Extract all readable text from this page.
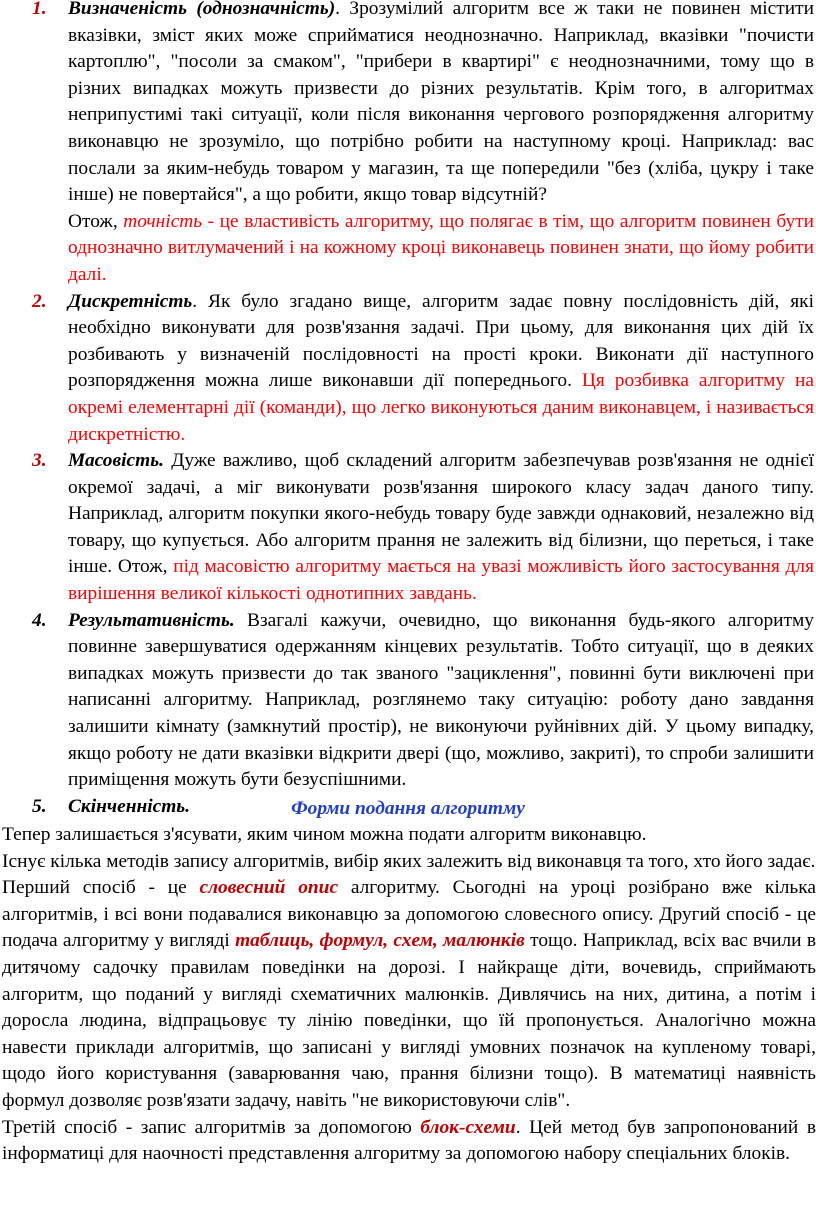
1. Визначеність (однозначність). Зрозумілий алгоритм все ж таки не повинен містити вказівки, зміст яких може сприйматися неоднозначно. Наприклад, вказівки "почисти картоплю", "посоли за смаком", "прибери в квартирі" є неоднозначними, тому що в різних випадках можуть призвести до різних результатів. Крім того, в алгоритмах неприпустимі такі ситуації, коли після виконання чергового розпорядження алгоритму виконавцю не зрозуміло, що потрібно робити на наступному кроці. Наприклад: вас послали за яким-небудь товаром у магазин, та ще попередили "без (хліба, цукру і таке інше) не повертайся", а що робити, якщо товар відсутній?

Отож, точність - це властивість алгоритму, що полягає в тім, що алгоритм повинен бути однозначно витлумачений і на кожному кроці виконавець повинен знати, що йому робити далі.

2. Дискретність. Як було згадано вище, алгоритм задає повну послідовність дій, які необхідно виконувати для розв'язання задачі. При цьому, для виконання цих дій їх розбивають у визначеній послідовності на прості кроки. Виконати дії наступного розпорядження можна лише виконавши дії попереднього. Ця розбивка алгоритму на окремі елементарні дії (команди), що легко виконуються даним виконавцем, і називається дискретністю.

3. Масовість. Дуже важливо, щоб складений алгоритм забезпечував розв'язання не однієї окремої задачі, а міг виконувати розв'язання широкого класу задач даного типу. Наприклад, алгоритм покупки якого-небудь товару буде завжди однаковий, незалежно від товару, що купується. Або алгоритм прання не залежить від білизни, що переться, і таке інше. Отож, під масовістю алгоритму мається на увазі можливість його застосування для вирішення великої кількості однотипних завдань.

4. Результативність. Взагалі кажучи, очевидно, що виконання будь-якого алгоритму повинне завершуватися одержанням кінцевих результатів. Тобто ситуації, що в деяких випадках можуть призвести до так званого "зациклення", повинні бути виключені при написанні алгоритму. Наприклад, розглянемо таку ситуацію: роботу дано завдання залишити кімнату (замкнутий простір), не виконуючи руйнівних дій. У цьому випадку, якщо роботу не дати вказівки відкрити двері (що, можливо, закриті), то спроби залишити приміщення можуть бути безуспішними.

5. Скінченність.	Форми подання алгоритму

Тепер залишається з'ясувати, яким чином можна подати алгоритм виконавцю.

Існує кілька методів запису алгоритмів, вибір яких залежить від виконавця та того, хто його задає.

Перший спосіб - це словесний опис алгоритму. Сьогодні на уроці розібрано вже кілька алгоритмів, і всі вони подавалися виконавцю за допомогою словесного опису. Другий спосіб - це подача алгоритму у вигляді таблиць, формул, схем, малюнків тощо. Наприклад, всіх вас вчили в дитячому садочку правилам поведінки на дорозі. І найкраще діти, вочевидь, сприймають алгоритм, що поданий у вигляді схематичних малюнків. Дивлячись на них, дитина, а потім і доросла людина, відпрацьовує ту лінію поведінки, що їй пропонується. Аналогічно можна навести приклади алгоритмів, що записані у вигляді умовних позначок на купленому товарі, щодо його користування (заварювання чаю, прання білизни тощо). В математиці наявність формул дозволяє розв'язати задачу, навіть "не використовуючи слів".

Третій спосіб - запис алгоритмів за допомогою блок-схеми. Цей метод був запропонований в інформатиці для наочності представлення алгоритму за допомогою набору спеціальних блоків.
